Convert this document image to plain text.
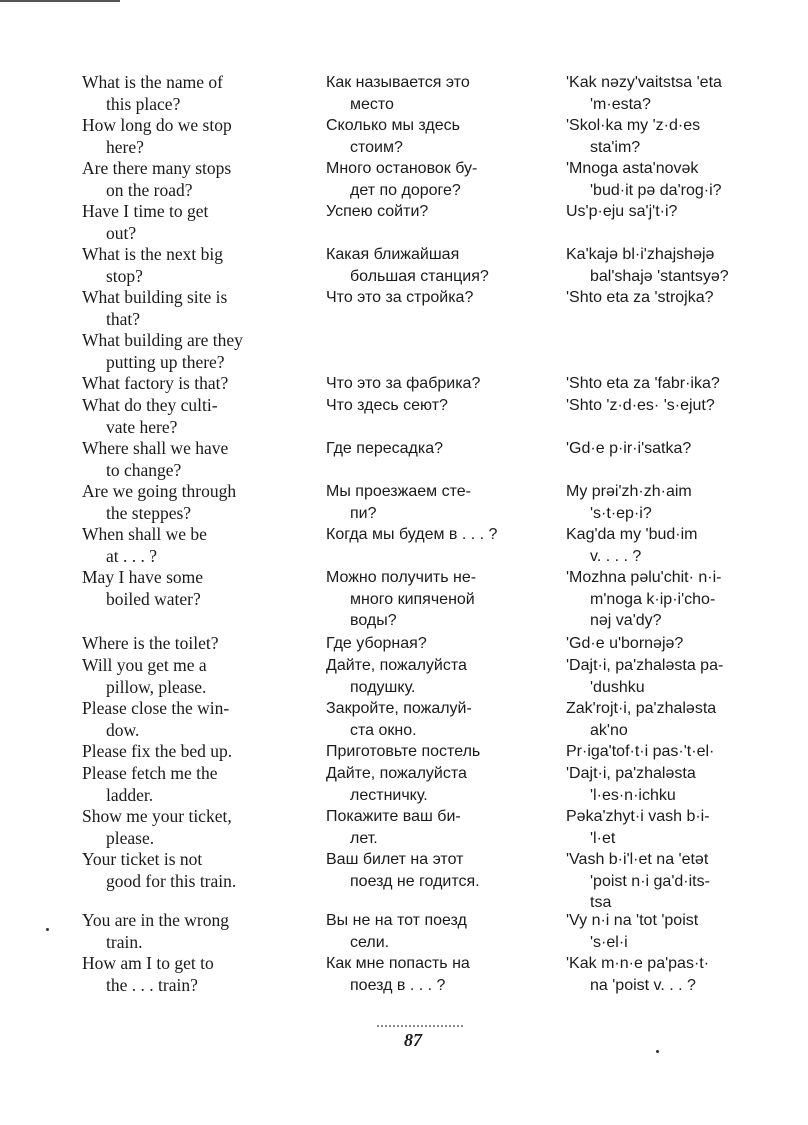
What is the name of
this place?
How long do we stop
here?
Are there many stops
on the road?
Have I time to get
out?
What is the next big
stop?
What building site is
that?
What building are they
putting up there?
What factory is that?
What do they culti-
vate here?
Where shall we have
to change?
Are we going through
the steppes?
When shall we be
at . . . ?
May I have some
boiled water?
Where is the toilet?
Will you get me a
pillow, please.
Please close the win-
dow.
Please fix the bed up.
Please fetch me the
ladder.
Show me your ticket,
please.
Your ticket is not
good for this train.
You are in the wrong
train.
How am I to get to
the . . . train?
Как называется это
место
Сколько мы здесь
стоим?
Много остановок бу-
дет по дороге?
Успею сойти?
Какая ближайшая
большая станция?
Что это за стройка?
Что это за фабрика?
Что здесь сеют?
Где пересадка?
Мы проезжаем сте-
пи?
Когда мы будем в . . . ?
Можно получить не-
много кипяченой
воды?
Где уборная?
Дайте, пожалуйста
подушку.
Закройте, пожалуй-
ста окно.
Приготовьте постель
Дайте, пожалуйста
лестничку.
Покажите ваш би-
лет.
Ваш билет на этот
поезд не годится.
Вы не на тот поезд
сели.
Как мне попасть на
поезд в . . . ?
'Kak nəzy'vaitstsa 'eta
'm·esta?
'Skol·ka my 'z·d·es
sta'im?
'Mnoga asta'novək
'bud·it pə da'rog·i?
Us'p·eju sa'j't·i?
Ka'kajə bl·i'zhajshəjə
bal'shajə 'stantsyə?
'Shto eta za 'strojka?
'Shto eta za 'fabr·ika?
'Shto 'z·d·es· 's·ejut?
'Gd·e p·ir·i'satka?
My prəi'zh·zh·aim
's·t·ep·i?
Kag'da my 'bud·im
v. . . . ?
'Mozhna pəlu'chit· n·i-
m'noga k·ip·i'cho-
nəj va'dy?
'Gd·e u'bornəjə?
'Dajt·i, pa'zhaləsta pa-
'dushku
Zak'rojt·i, pa'zhaləsta
ak'no
Pr·iga'tof·t·i pas·'t·el·
'Dajt·i, pa'zhaləsta
'l·es·n·ichku
Pəka'zhyt·i vash b·i-
'l·et
'Vash b·i'l·et na 'etət
'poist n·i ga'd·its-
tsa
'Vy n·i na 'tot 'poist
's·el·i
'Kak m·n·e pa'pas·t·
na 'poist v. . . ?
87
